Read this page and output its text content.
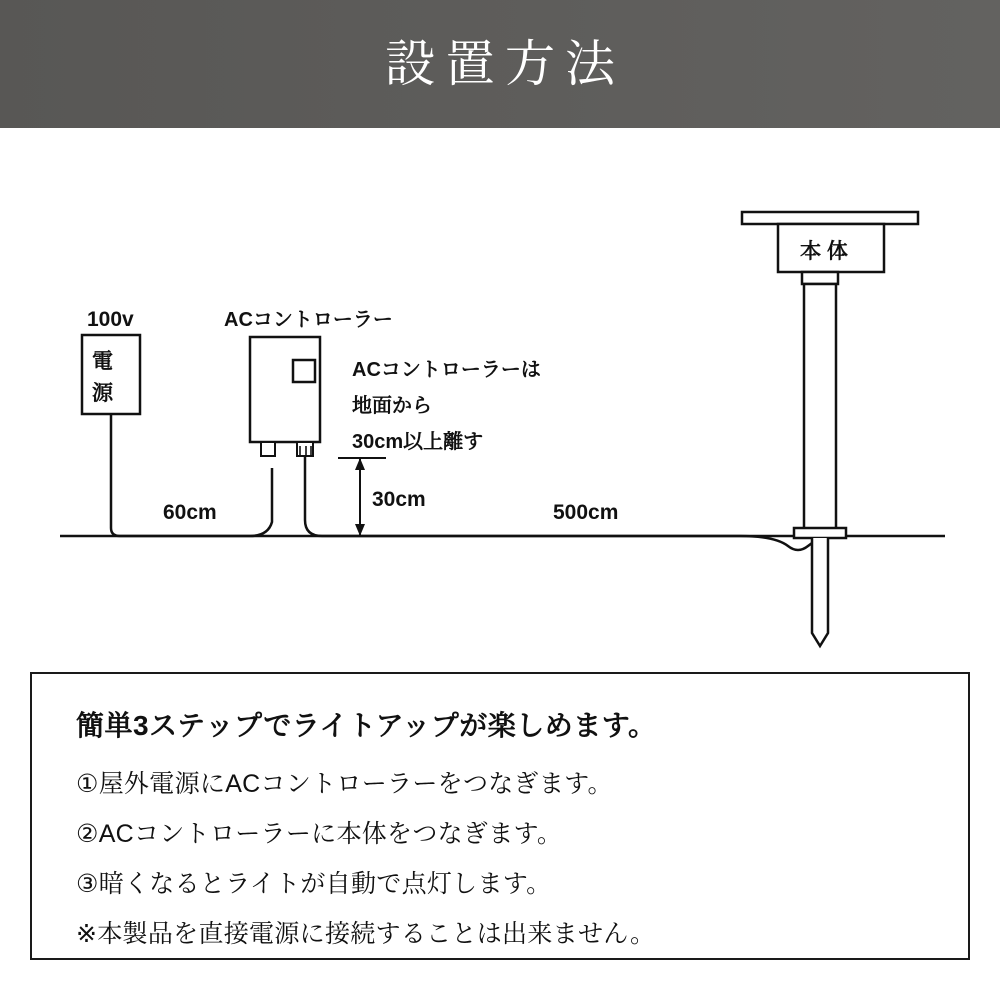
設置方法
100v
電
源
ACコントローラー
ACコントローラーは
地面から
30cm以上離す
30cm
60cm	500cm
本 体

簡単3ステップでライトアップが楽しめます。

①屋外電源にACコントローラーをつなぎます。
②ACコントローラーに本体をつなぎます。
③暗くなるとライトが自動で点灯します。

※本製品を直接電源に接続することは出来ません。
